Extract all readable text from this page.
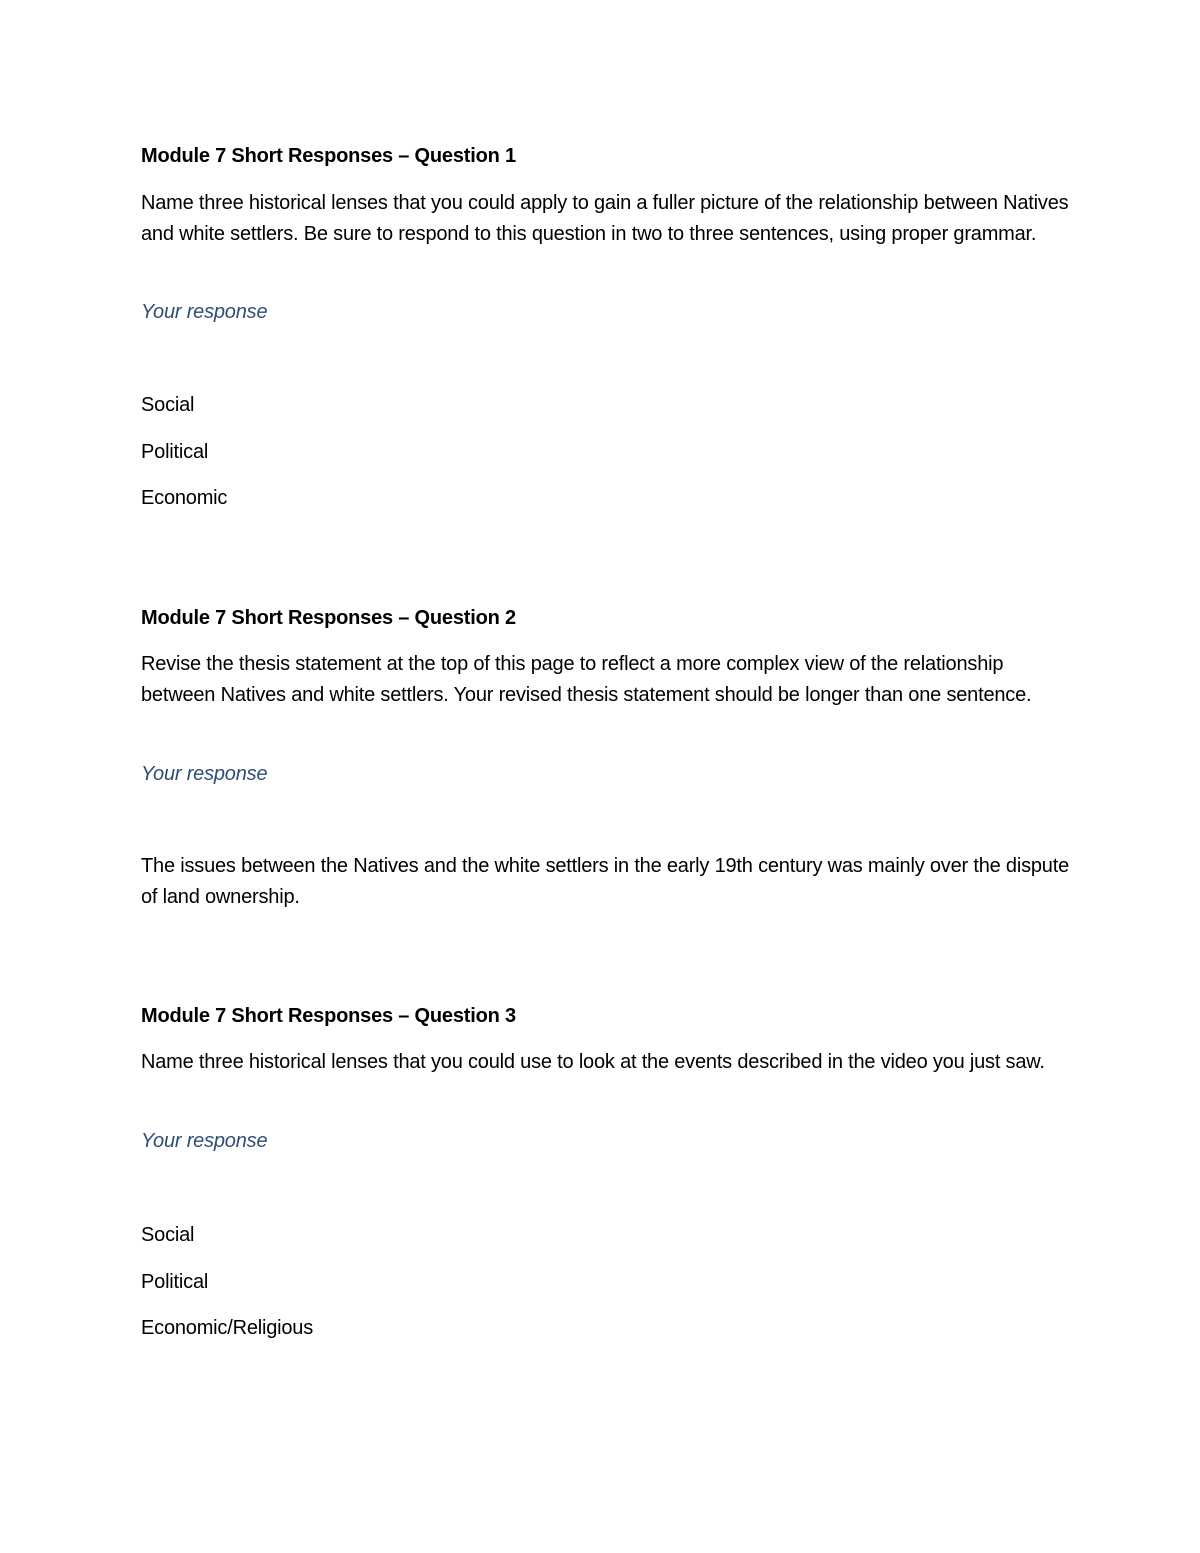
Module 7 Short Responses – Question 1

Name three historical lenses that you could apply to gain a fuller picture of the relationship between Natives and white settlers. Be sure to respond to this question in two to three sentences, using proper grammar.

Your response

Social

Political

Economic

Module 7 Short Responses – Question 2

Revise the thesis statement at the top of this page to reflect a more complex view of the relationship between Natives and white settlers. Your revised thesis statement should be longer than one sentence.

Your response

The issues between the Natives and the white settlers in the early 19th century was mainly over the dispute of land ownership.

Module 7 Short Responses – Question 3

Name three historical lenses that you could use to look at the events described in the video you just saw.

Your response

Social

Political

Economic/Religious
